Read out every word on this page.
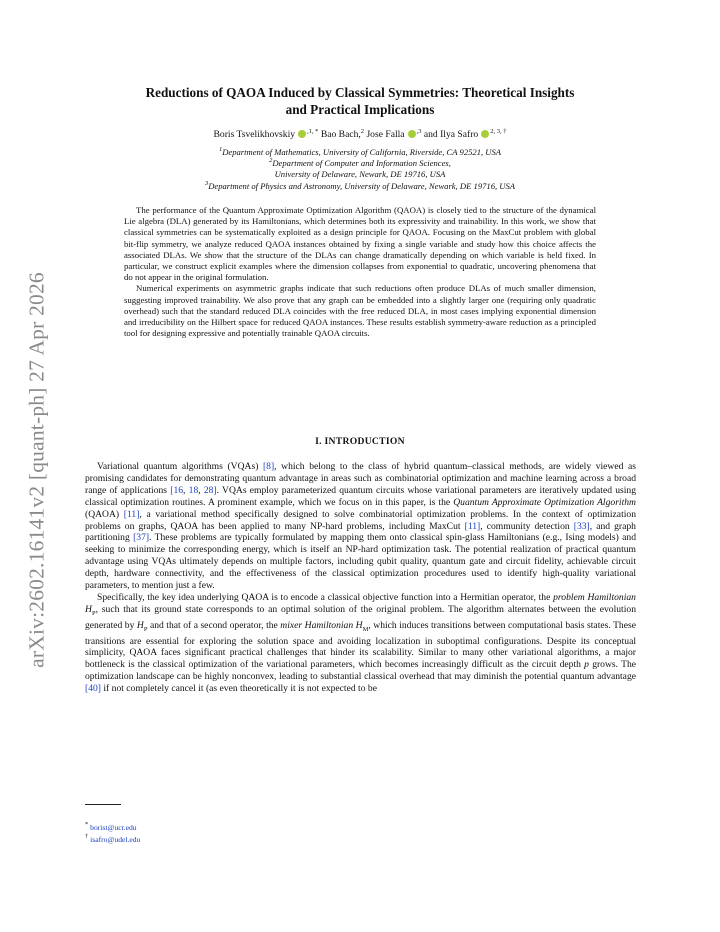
arXiv:2602.16141v2 [quant-ph] 27 Apr 2026
Reductions of QAOA Induced by Classical Symmetries: Theoretical Insights
and Practical Implications
Boris Tsvelikhovskiy $^{,1, *}$ Bao Bach,$^2$ Jose Falla $^{,3}$ and Ilya Safro $^{2, 3, \dagger}$
$^1$Department of Mathematics, University of California, Riverside, CA 92521, USA
$^2$Department of Computer and Information Sciences,
University of Delaware, Newark, DE 19716, USA
$^3$Department of Physics and Astronomy, University of Delaware, Newark, DE 19716, USA

The performance of the Quantum Approximate Optimization Algorithm (QAOA) is closely tied to the structure of the dynamical Lie algebra (DLA) generated by its Hamiltonians, which determines both its expressivity and trainability. In this work, we show that classical symmetries can be systematically exploited as a design principle for QAOA. Focusing on the MaxCut problem with global bit-flip symmetry, we analyze reduced QAOA instances obtained by fixing a single variable and study how this choice affects the associated DLAs. We show that the structure of the DLAs can change dramatically depending on which variable is held fixed. In particular, we construct explicit examples where the dimension collapses from exponential to quadratic, uncovering phenomena that do not appear in the original formulation.

Numerical experiments on asymmetric graphs indicate that such reductions often produce DLAs of much smaller dimension, suggesting improved trainability. We also prove that any graph can be embedded into a slightly larger one (requiring only quadratic overhead) such that the standard reduced DLA coincides with the free reduced DLA, in most cases implying exponential dimension and irreducibility on the Hilbert space for reduced QAOA instances. These results establish symmetry-aware reduction as a principled tool for designing expressive and potentially trainable QAOA circuits.

I. INTRODUCTION

Variational quantum algorithms (VQAs) [8], which belong to the class of hybrid quantum–classical methods, are widely viewed as promising candidates for demonstrating quantum advantage in areas such as combinatorial optimization and machine learning across a broad range of applications [16, 18, 28]. VQAs employ parameterized quantum circuits whose variational parameters are iteratively updated using classical optimization routines. A prominent example, which we focus on in this paper, is the Quantum Approximate Optimization Algorithm (QAOA) [11], a variational method specifically designed to solve combinatorial optimization problems. In the context of optimization problems on graphs, QAOA has been applied to many NP-hard problems, including MaxCut [11], community detection [33], and graph partitioning [37]. These problems are typically formulated by mapping them onto classical spin-glass Hamiltonians (e.g., Ising models) and seeking to minimize the corresponding energy, which is itself an NP-hard optimization task. The potential realization of practical quantum advantage using VQAs ultimately depends on multiple factors, including qubit quality, quantum gate and circuit fidelity, achievable circuit depth, hardware connectivity, and the effectiveness of the classical optimization procedures used to identify high-quality variational parameters, to mention just a few.

Specifically, the key idea underlying QAOA is to encode a classical objective function into a Hermitian operator, the problem Hamiltonian $H_P$, such that its ground state corresponds to an optimal solution of the original problem. The algorithm alternates between the evolution generated by $H_P$ and that of a second operator, the mixer Hamiltonian $H_M$, which induces transitions between computational basis states. These transitions are essential for exploring the solution space and avoiding localization in suboptimal configurations. Despite its conceptual simplicity, QAOA faces significant practical challenges that hinder its scalability. Similar to many other variational algorithms, a major bottleneck is the classical optimization of the variational parameters, which becomes increasingly difficult as the circuit depth p grows. The optimization landscape can be highly nonconvex, leading to substantial classical overhead that may diminish the potential quantum advantage [40] if not completely cancel it (as even theoretically it is not expected to be

* borist@ucr.edu
† isafro@udel.edu
